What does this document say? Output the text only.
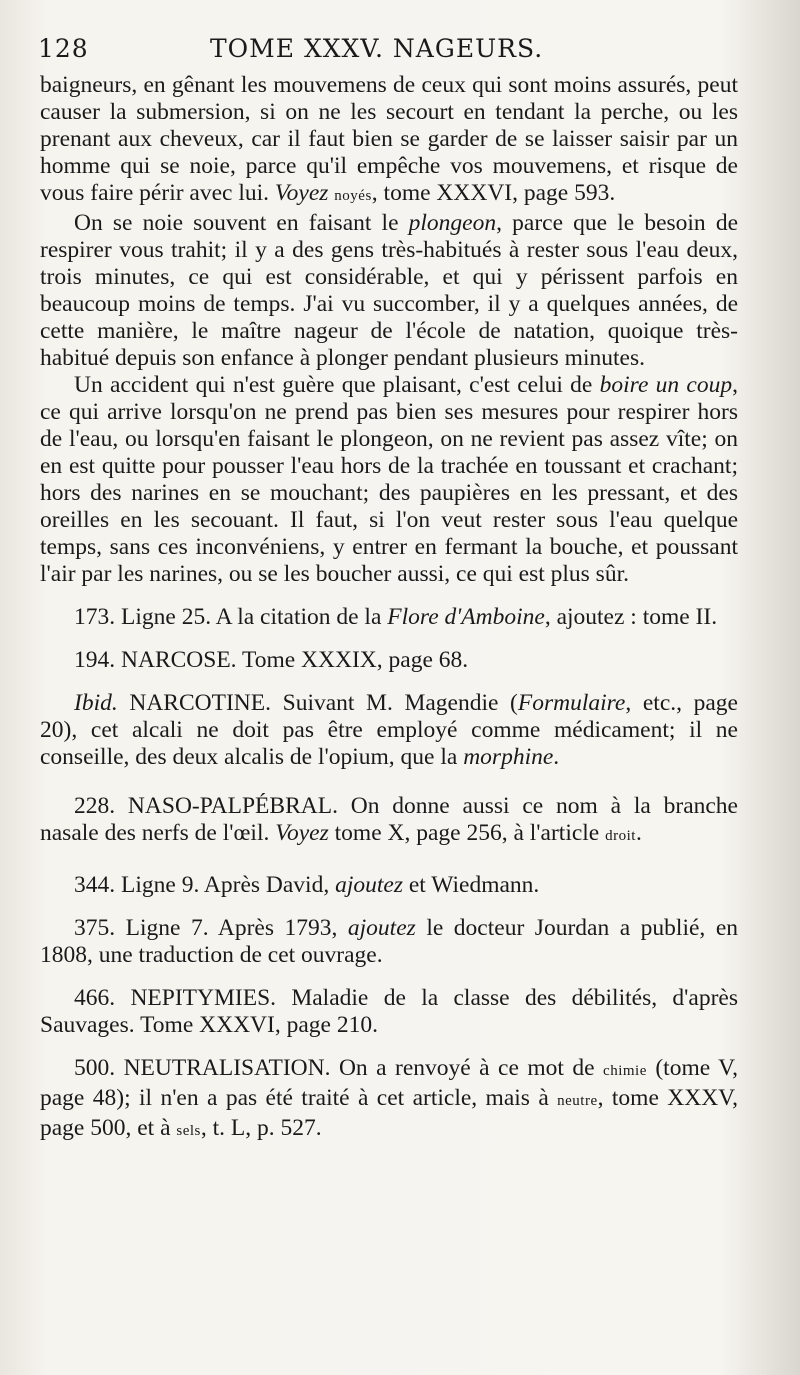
128	TOME XXXV. NAGEURS.

baigneurs, en gênant les mouvemens de ceux qui sont moins assurés, peut causer la submersion, si on ne les secourt en tendant la perche, ou les prenant aux cheveux, car il faut bien se garder de se laisser saisir par un homme qui se noie, parce qu'il empêche vos mouvemens, et risque de vous faire périr avec lui. Voyez noyés, tome XXXVI, page 593.

On se noie souvent en faisant le plongeon, parce que le besoin de respirer vous trahit; il y a des gens très-habitués à rester sous l'eau deux, trois minutes, ce qui est considérable, et qui y périssent parfois en beaucoup moins de temps. J'ai vu succomber, il y a quelques années, de cette manière, le maître nageur de l'école de natation, quoique très-habitué depuis son enfance à plonger pendant plusieurs minutes.

Un accident qui n'est guère que plaisant, c'est celui de boire un coup, ce qui arrive lorsqu'on ne prend pas bien ses mesures pour respirer hors de l'eau, ou lorsqu'en faisant le plongeon, on ne revient pas assez vîte; on en est quitte pour pousser l'eau hors de la trachée en toussant et crachant; hors des narines en se mouchant; des paupières en les pressant, et des oreilles en les secouant. Il faut, si l'on veut rester sous l'eau quelque temps, sans ces inconvéniens, y entrer en fermant la bouche, et poussant l'air par les narines, ou se les boucher aussi, ce qui est plus sûr.

173. Ligne 25. A la citation de la Flore d'Amboine, ajoutez : tome II.

194. NARCOSE. Tome XXXIX, page 68.

Ibid. NARCOTINE. Suivant M. Magendie (Formulaire, etc., page 20), cet alcali ne doit pas être employé comme médicament; il ne conseille, des deux alcalis de l'opium, que la morphine.

228. NASO-PALPÉBRAL. On donne aussi ce nom à la branche nasale des nerfs de l'œil. Voyez tome X, page 256, à l'article droit.

344. Ligne 9. Après David, ajoutez et Wiedmann.

375. Ligne 7. Après 1793, ajoutez le docteur Jourdan a publié, en 1808, une traduction de cet ouvrage.

466. NEPITYMIES. Maladie de la classe des débilités, d'après Sauvages. Tome XXXVI, page 210.

500. NEUTRALISATION. On a renvoyé à ce mot de chimie (tome V, page 48); il n'en a pas été traité à cet article, mais à neutre, tome XXXV, page 500, et à sels, t. L, p. 527.
